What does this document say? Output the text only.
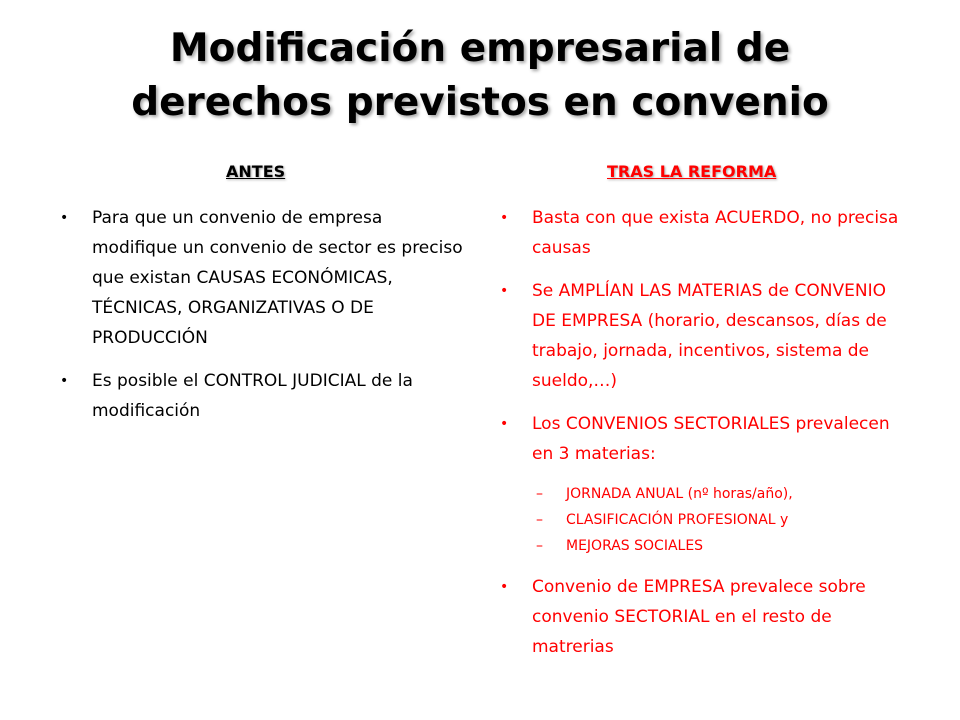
Modificación empresarial de
derechos previstos en convenio
ANTES	TRAS LA REFORMA
• Para que un convenio de empresa modifique un convenio de sector es preciso que existan CAUSAS ECONÓMICAS, TÉCNICAS, ORGANIZATIVAS O DE PRODUCCIÓN
• Es posible el CONTROL JUDICIAL de la modificación
• Basta con que exista ACUERDO, no precisa causas
• Se AMPLÍAN LAS MATERIAS de CONVENIO DE EMPRESA (horario, descansos, días de trabajo, jornada, incentivos, sistema de sueldo,…)
• Los CONVENIOS SECTORIALES prevalecen en 3 materias:
– JORNADA ANUAL (nº horas/año),
– CLASIFICACIÓN PROFESIONAL y
– MEJORAS SOCIALES
• Convenio de EMPRESA prevalece sobre convenio SECTORIAL en el resto de matrerias
